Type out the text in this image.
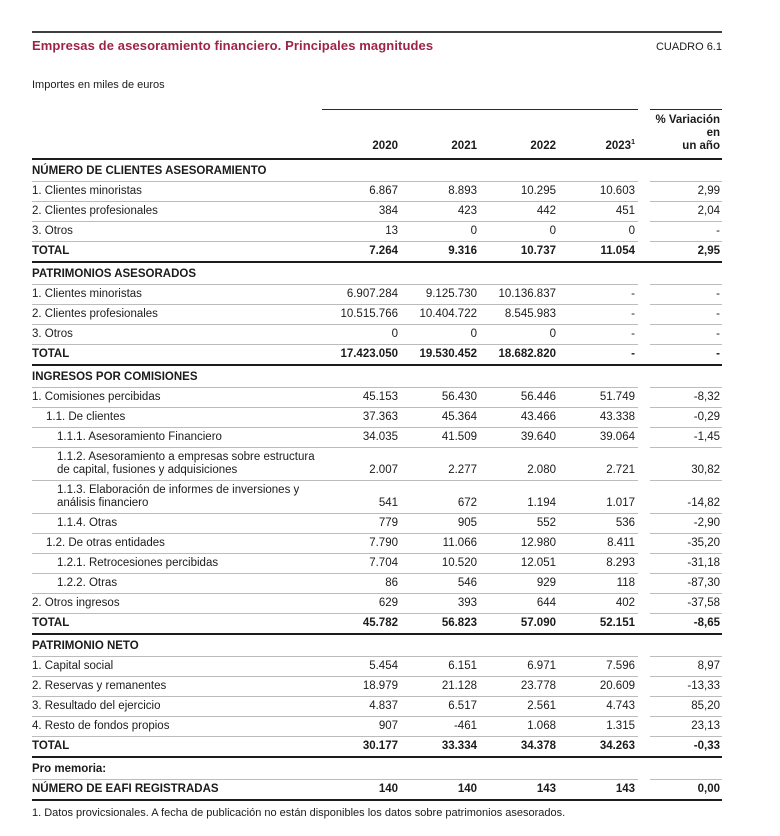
Empresas de asesoramiento financiero. Principales magnitudes	CUADRO 6.1
Importes en miles de euros
	2020	2021	2022	2023$^1$		% Variación en
un año
NÚMERO DE CLIENTES ASESORAMIENTO						
1. Clientes minoristas	6.867	8.893	10.295	10.603		2,99
2. Clientes profesionales	384	423	442	451		2,04
3. Otros	13	0	0	0		-
TOTAL	7.264	9.316	10.737	11.054		2,95
PATRIMONIOS ASESORADOS						
1. Clientes minoristas	6.907.284	9.125.730	10.136.837	-		-
2. Clientes profesionales	10.515.766	10.404.722	8.545.983	-		-
3. Otros	0	0	0	-		-
TOTAL	17.423.050	19.530.452	18.682.820	-		-
INGRESOS POR COMISIONES						
1. Comisiones percibidas	45.153	56.430	56.446	51.749		-8,32
1.1. De clientes	37.363	45.364	43.466	43.338		-0,29
1.1.1. Asesoramiento Financiero	34.035	41.509	39.640	39.064		-1,45
1.1.2. Asesoramiento a empresas sobre estructura de capital, fusiones y adquisiciones	2.007	2.277	2.080	2.721		30,82
1.1.3. Elaboración de informes de inversiones y análisis financiero	541	672	1.194	1.017		-14,82
1.1.4. Otras	779	905	552	536		-2,90
1.2. De otras entidades	7.790	11.066	12.980	8.411		-35,20
1.2.1. Retrocesiones percibidas	7.704	10.520	12.051	8.293		-31,18
1.2.2. Otras	86	546	929	118		-87,30
2. Otros ingresos	629	393	644	402		-37,58
TOTAL	45.782	56.823	57.090	52.151		-8,65
PATRIMONIO NETO						
1. Capital social	5.454	6.151	6.971	7.596		8,97
2. Reservas y remanentes	18.979	21.128	23.778	20.609		-13,33
3. Resultado del ejercicio	4.837	6.517	2.561	4.743		85,20
4. Resto de fondos propios	907	-461	1.068	1.315		23,13
TOTAL	30.177	33.334	34.378	34.263		-0,33
Pro memoria:						
NÚMERO DE EAFI REGISTRADAS	140	140	143	143		0,00
1. Datos provicsionales. A fecha de publicación no están disponibles los datos sobre patrimonios asesorados.
